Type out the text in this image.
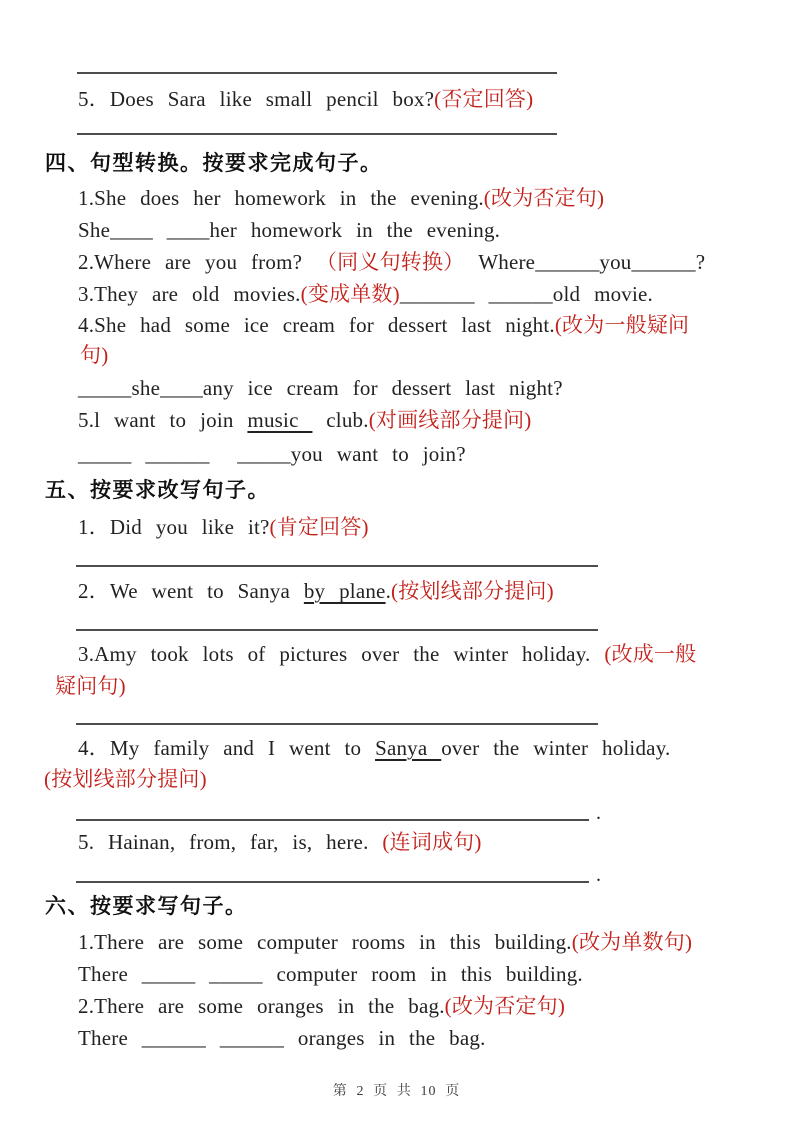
第 2 页 共 10 页
5．Does Sara like small pencil box?(否定回答)
四、句型转换。按要求完成句子。
1.She does her homework in the evening.(改为否定句)
She____ ____her homework in the evening.
2.Where are you from? （同义句转换） Where______you______?
3.They are old movies.(变成单数)_______ ______old movie.
4.She had some ice cream for dessert last night.(改为一般疑问
句)
_____she____any ice cream for dessert last night?
5.l want to join music  club.(对画线部分提问)
_____ ______  _____you want to join?
五、按要求改写句子。
1．Did you like it?(肯定回答)
2．We went to Sanya by plane.(按划线部分提问)
3.Amy took lots of pictures over the winter holiday. (改成一般
疑问句)
4．My family and I went to Sanya over the winter holiday.
(按划线部分提问)
.
5. Hainan, from, far, is, here. (连词成句)
.
六、按要求写句子。
1.There are some computer rooms in this building.(改为单数句)
There _____ _____ computer room in this building.
2.There are some oranges in the bag.(改为否定句)
There ______ ______ oranges in the bag.
